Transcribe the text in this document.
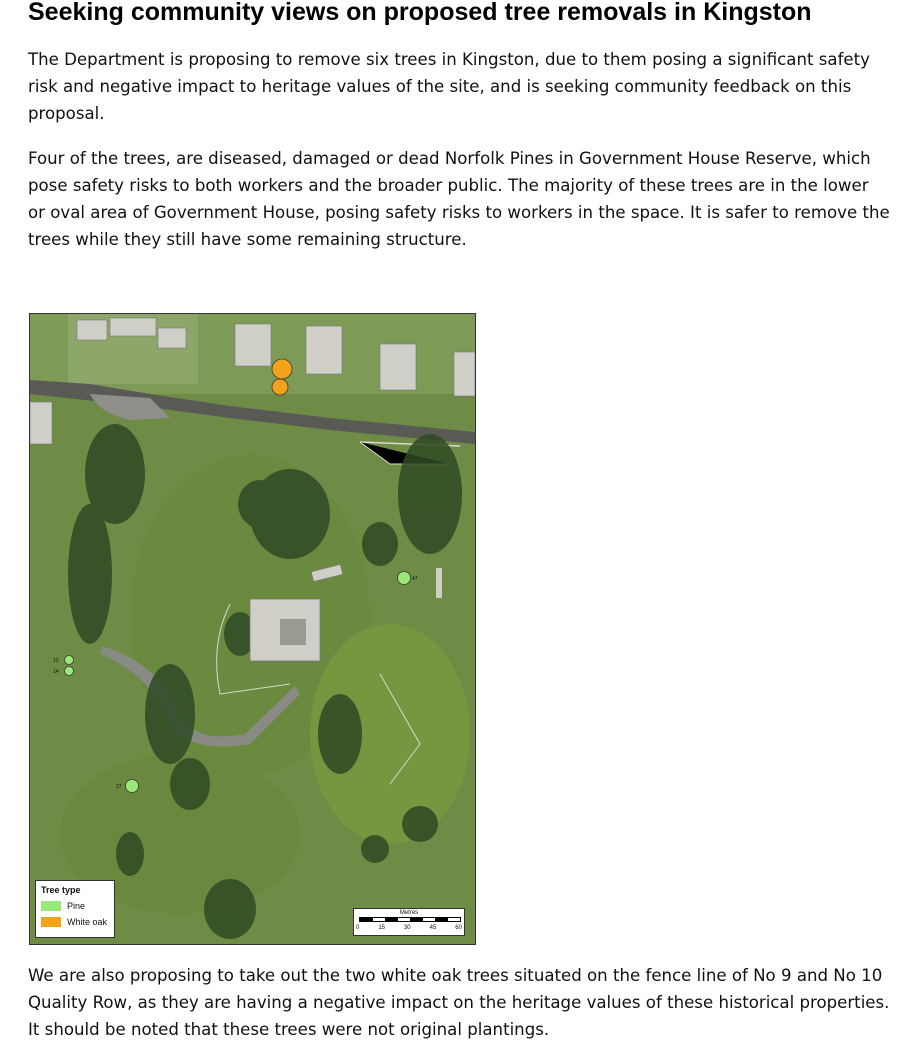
Seeking community views on proposed tree removals in Kingston

The Department is proposing to remove six trees in Kingston, due to them posing a significant safety risk and negative impact to heritage values of the site, and is seeking community feedback on this proposal.

Four of the trees, are diseased, damaged or dead Norfolk Pines in Government House Reserve, which pose safety risks to both workers and the broader public. The majority of these trees are in the lower or oval area of Government House, posing safety risks to workers in the space. It is safer to remove the trees while they still have some remaining structure.

47
13
14
27
Tree type
Pine
White oak
Metres
0	15	30	45	60

We are also proposing to take out the two white oak trees situated on the fence line of No 9 and No 10 Quality Row, as they are having a negative impact on the heritage values of these historical properties. It should be noted that these trees were not original plantings.
